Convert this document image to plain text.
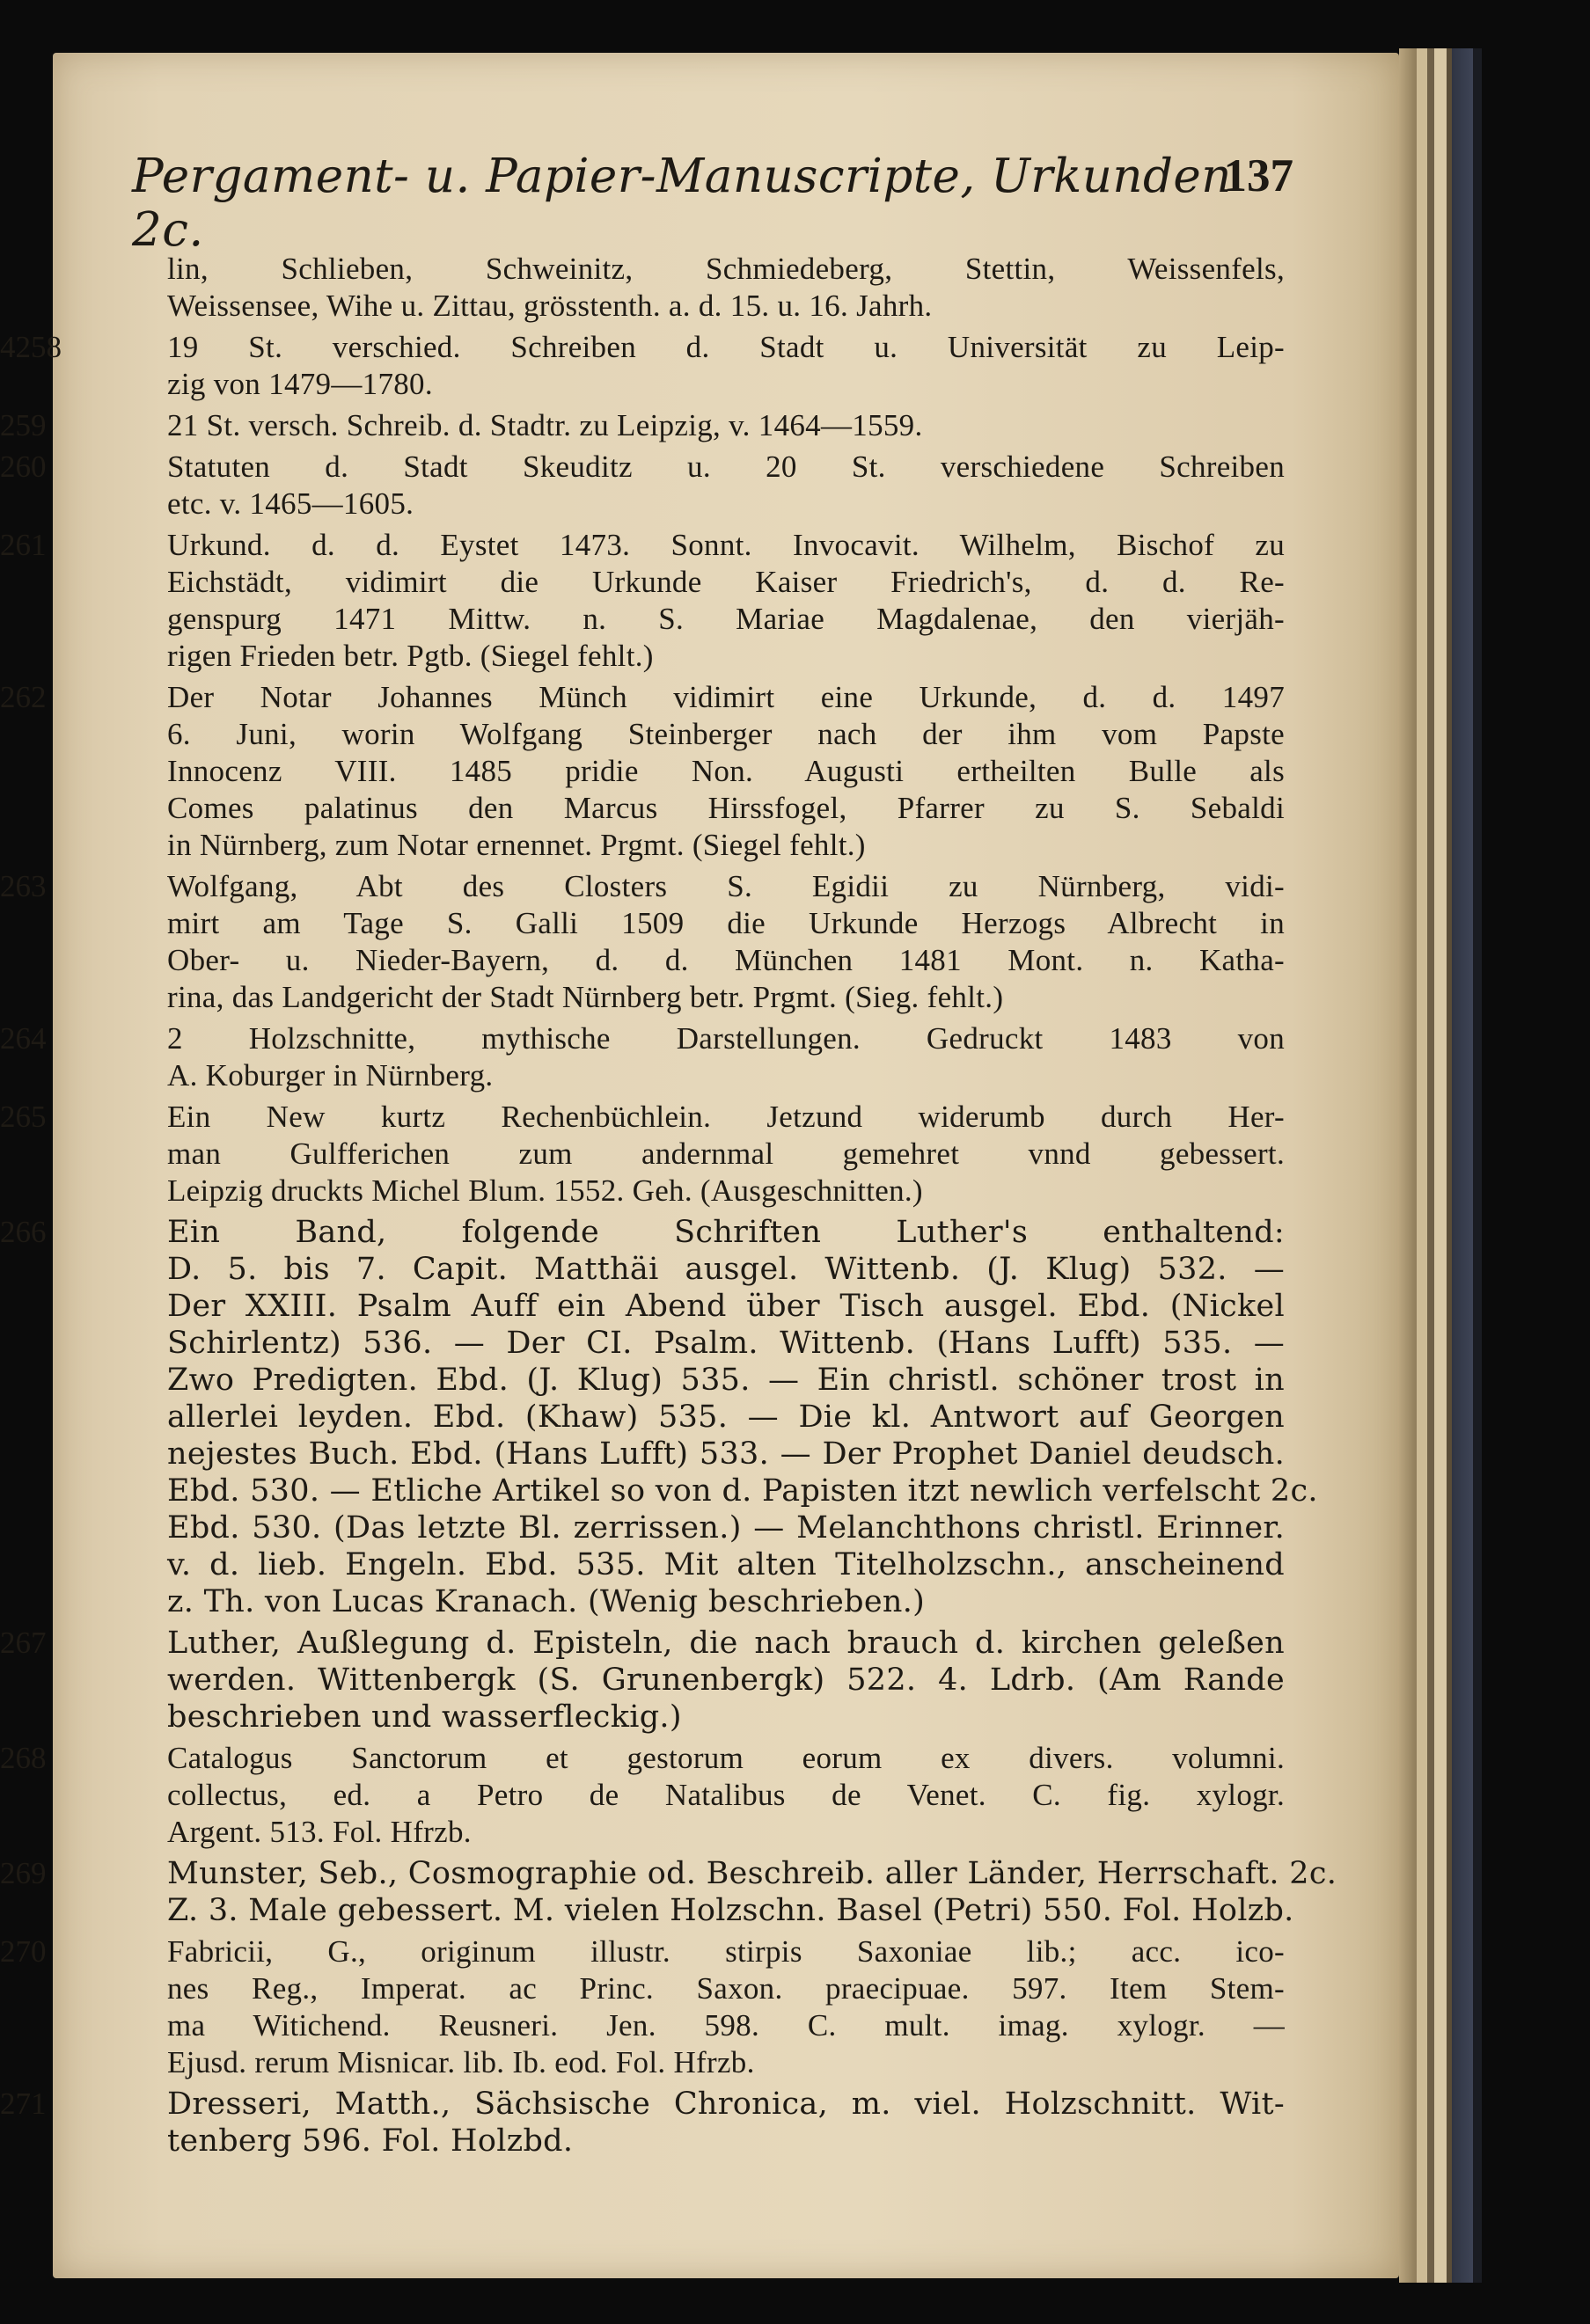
Pergament- u. Papier-Manuscripte, Urkunden 2c.
137
lin, Schlieben, Schweinitz, Schmiedeberg, Stettin, Weissenfels,
Weissensee, Wihe u. Zittau, grösstenth. a. d. 15. u. 16. Jahrh.
4258	19 St. verschied. Schreiben d. Stadt u. Universität zu Leip-
zig von 1479—1780.
259	21 St. versch. Schreib. d. Stadtr. zu Leipzig, v. 1464—1559.
260	Statuten d. Stadt Skeuditz u. 20 St. verschiedene Schreiben
etc. v. 1465—1605.
261	Urkund. d. d. Eystet 1473. Sonnt. Invocavit. Wilhelm, Bischof zu
Eichstädt, vidimirt die Urkunde Kaiser Friedrich's, d. d. Re-
genspurg 1471 Mittw. n. S. Mariae Magdalenae, den vierjäh-
rigen Frieden betr. Pgtb. (Siegel fehlt.)
262	Der Notar Johannes Münch vidimirt eine Urkunde, d. d. 1497
6. Juni, worin Wolfgang Steinberger nach der ihm vom Papste
Innocenz VIII. 1485 pridie Non. Augusti ertheilten Bulle als
Comes palatinus den Marcus Hirssfogel, Pfarrer zu S. Sebaldi
in Nürnberg, zum Notar ernennet. Prgmt. (Siegel fehlt.)
263	Wolfgang, Abt des Closters S. Egidii zu Nürnberg, vidi-
mirt am Tage S. Galli 1509 die Urkunde Herzogs Albrecht in
Ober- u. Nieder-Bayern, d. d. München 1481 Mont. n. Katha-
rina, das Landgericht der Stadt Nürnberg betr. Prgmt. (Sieg. fehlt.)
264	2 Holzschnitte, mythische Darstellungen. Gedruckt 1483 von
A. Koburger in Nürnberg.
265	Ein New kurtz Rechenbüchlein. Jetzund widerumb durch Her-
man Gulfferichen zum andernmal gemehret vnnd gebessert.
Leipzig druckts Michel Blum. 1552. Geh. (Ausgeschnitten.)
266	Ein Band, folgende Schriften Luther's enthaltend:
D. 5. bis 7. Capit. Matthäi ausgel. Wittenb. (J. Klug) 532. —
Der XXIII. Psalm Auff ein Abend über Tisch ausgel. Ebd. (Nickel
Schirlentz) 536. — Der CI. Psalm. Wittenb. (Hans Lufft) 535. —
Zwo Predigten. Ebd. (J. Klug) 535. — Ein christl. schöner trost in
allerlei leyden. Ebd. (Khaw) 535. — Die kl. Antwort auf Georgen
nejestes Buch. Ebd. (Hans Lufft) 533. — Der Prophet Daniel deudsch.
Ebd. 530. — Etliche Artikel so von d. Papisten itzt newlich verfelscht 2c.
Ebd. 530. (Das letzte Bl. zerrissen.) — Melanchthons christl. Erinner.
v. d. lieb. Engeln. Ebd. 535. Mit alten Titelholzschn., anscheinend
z. Th. von Lucas Kranach. (Wenig beschrieben.)
267	Luther, Außlegung d. Episteln, die nach brauch d. kirchen geleßen
werden. Wittenbergk (S. Grunenbergk) 522. 4. Ldrb. (Am Rande
beschrieben und wasserfleckig.)
268	Catalogus Sanctorum et gestorum eorum ex divers. volumni.
collectus, ed. a Petro de Natalibus de Venet. C. fig. xylogr.
Argent. 513. Fol. Hfrzb.
269	Munster, Seb., Cosmographie od. Beschreib. aller Länder, Herrschaft. 2c.
Z. 3. Male gebessert. M. vielen Holzschn. Basel (Petri) 550. Fol. Holzb.
270	Fabricii, G., originum illustr. stirpis Saxoniae lib.; acc. ico-
nes Reg., Imperat. ac Princ. Saxon. praecipuae. 597. Item Stem-
ma Witichend. Reusneri. Jen. 598. C. mult. imag. xylogr. —
Ejusd. rerum Misnicar. lib. Ib. eod. Fol. Hfrzb.
271	Dresseri, Matth., Sächsische Chronica, m. viel. Holzschnitt. Wit-
tenberg 596. Fol. Holzbd.
